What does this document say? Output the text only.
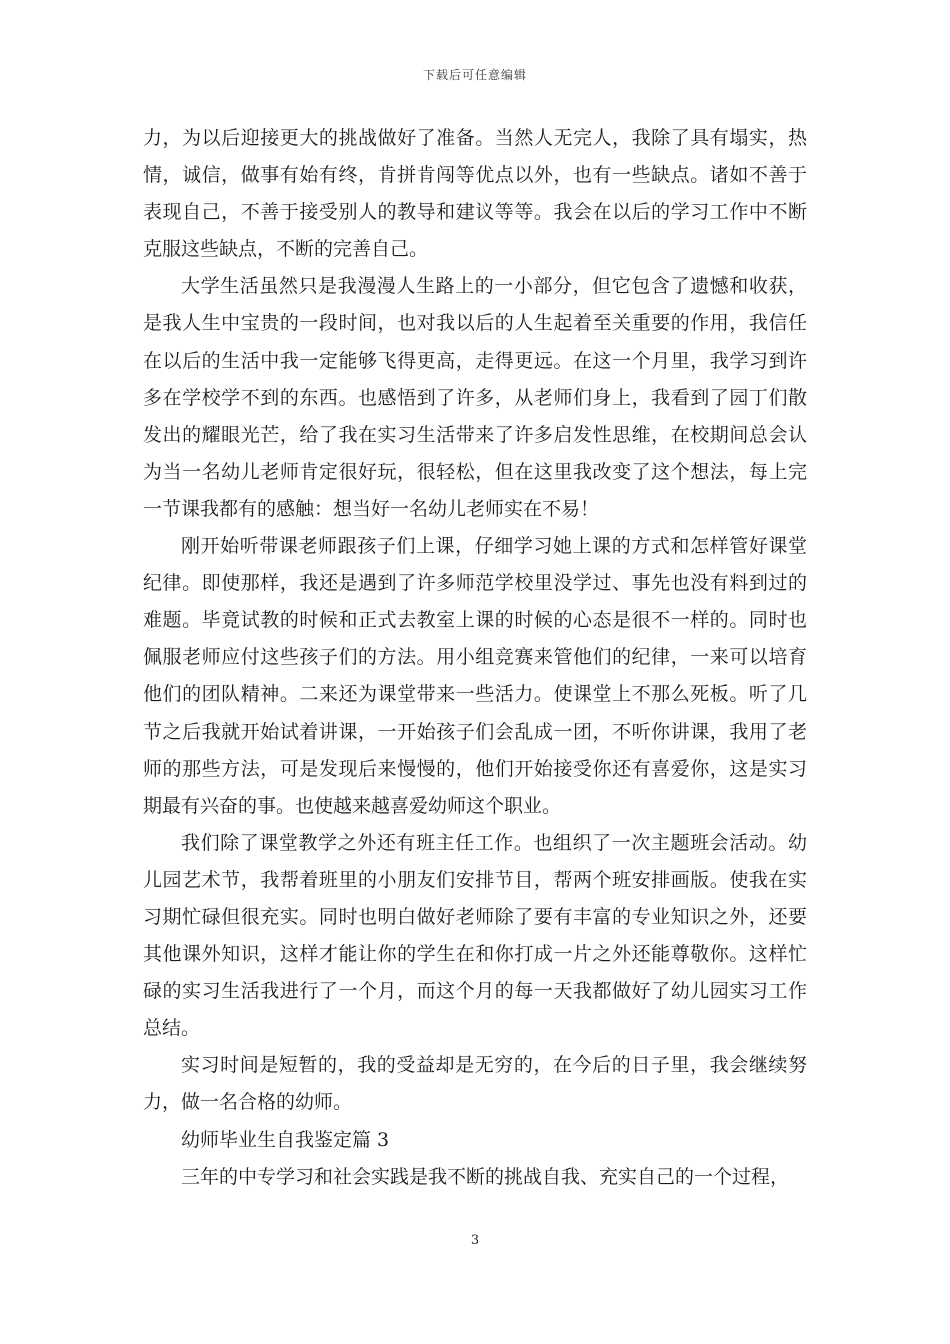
下载后可任意编辑

力，为以后迎接更大的挑战做好了准备。当然人无完人，我除了具有塌实，热情，诚信，做事有始有终，肯拼肯闯等优点以外，也有一些缺点。诸如不善于表现自己，不善于接受别人的教导和建议等等。我会在以后的学习工作中不断克服这些缺点，不断的完善自己。

大学生活虽然只是我漫漫人生路上的一小部分，但它包含了遗憾和收获，是我人生中宝贵的一段时间，也对我以后的人生起着至关重要的作用，我信任在以后的生活中我一定能够飞得更高，走得更远。在这一个月里，我学习到许多在学校学不到的东西。也感悟到了许多，从老师们身上，我看到了园丁们散发出的耀眼光芒，给了我在实习生活带来了许多启发性思维，在校期间总会认为当一名幼儿老师肯定很好玩，很轻松，但在这里我改变了这个想法，每上完一节课我都有的感触：想当好一名幼儿老师实在不易！

刚开始听带课老师跟孩子们上课，仔细学习她上课的方式和怎样管好课堂纪律。即使那样，我还是遇到了许多师范学校里没学过、事先也没有料到过的难题。毕竟试教的时候和正式去教室上课的时候的心态是很不一样的。同时也佩服老师应付这些孩子们的方法。用小组竞赛来管他们的纪律，一来可以培育他们的团队精神。二来还为课堂带来一些活力。使课堂上不那么死板。听了几节之后我就开始试着讲课，一开始孩子们会乱成一团，不听你讲课，我用了老师的那些方法，可是发现后来慢慢的，他们开始接受你还有喜爱你，这是实习期最有兴奋的事。也使越来越喜爱幼师这个职业。

我们除了课堂教学之外还有班主任工作。也组织了一次主题班会活动。幼儿园艺术节，我帮着班里的小朋友们安排节目，帮两个班安排画版。使我在实习期忙碌但很充实。同时也明白做好老师除了要有丰富的专业知识之外，还要其他课外知识，这样才能让你的学生在和你打成一片之外还能尊敬你。这样忙碌的实习生活我进行了一个月，而这个月的每一天我都做好了幼儿园实习工作总结。

实习时间是短暂的，我的受益却是无穷的，在今后的日子里，我会继续努力，做一名合格的幼师。

幼师毕业生自我鉴定篇 3

三年的中专学习和社会实践是我不断的挑战自我、充实自己的一个过程，

3
